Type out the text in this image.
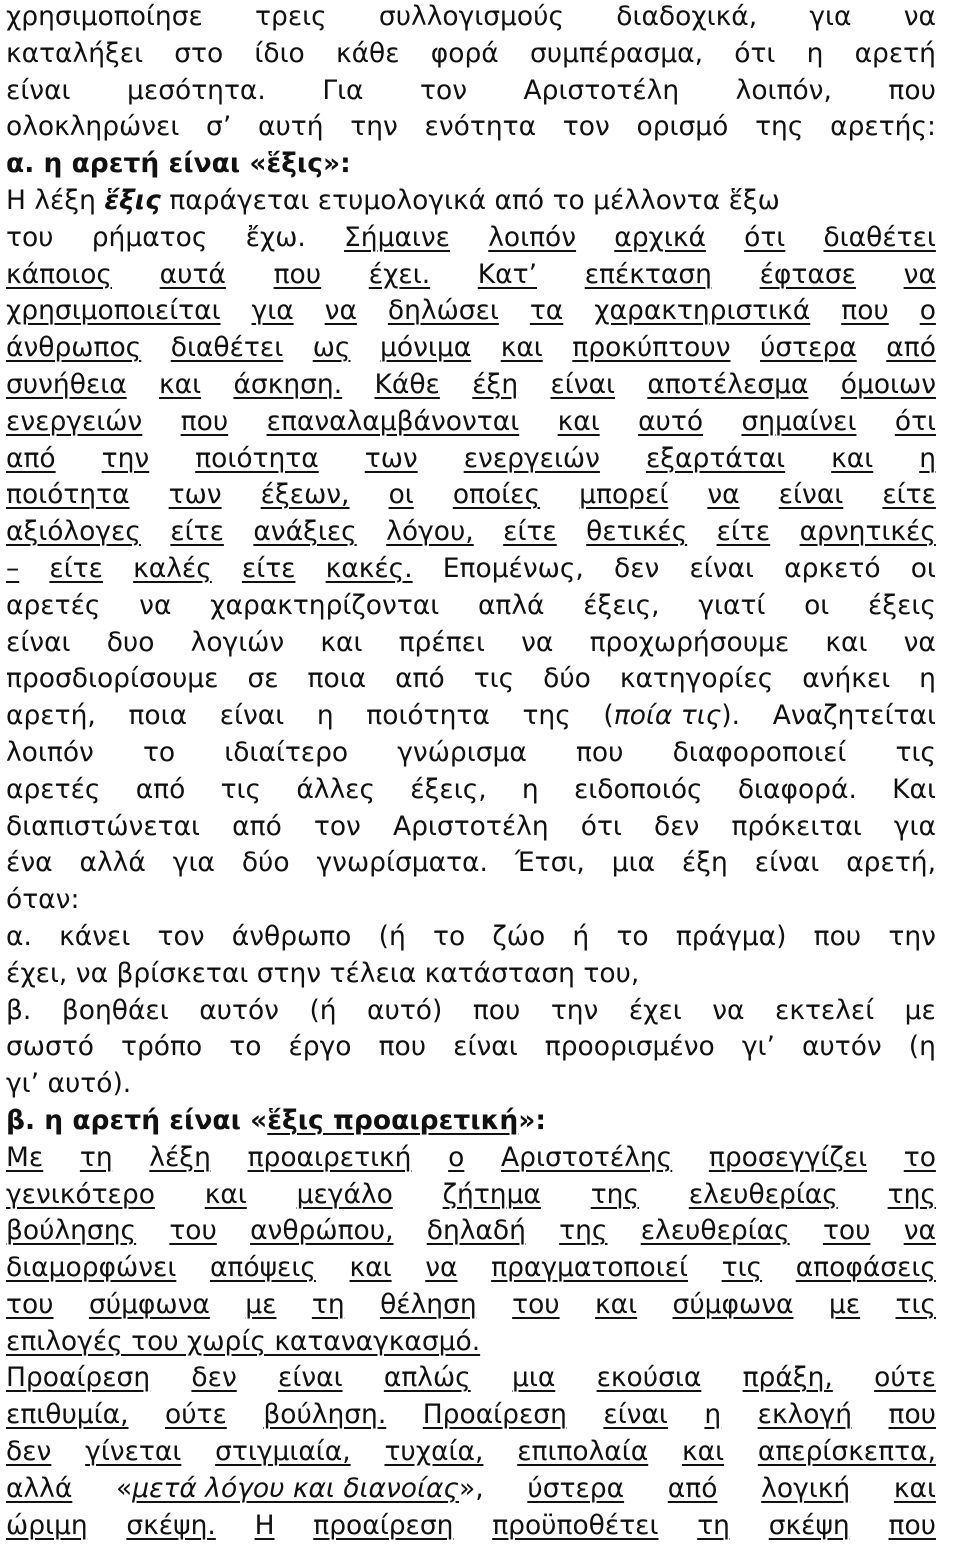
χρησιμοποίησε τρεις συλλογισμούς διαδοχικά, για να
καταλήξει στο ίδιο κάθε φορά συμπέρασμα, ότι η αρετή
είναι μεσότητα. Για τον Αριστοτέλη λοιπόν, που
ολοκληρώνει σ’ αυτή την ενότητα τον ορισμό της αρετής:
α. η αρετή είναι «ἕξις»:
Η λέξη ἕξις παράγεται ετυμολογικά από το μέλλοντα ἕξω
του ρήματος ἔχω. Σήμαινε λοιπόν αρχικά ότι διαθέτει
κάποιος αυτά που έχει. Κατ’ επέκταση έφτασε να
χρησιμοποιείται για να δηλώσει τα χαρακτηριστικά που ο
άνθρωπος διαθέτει ως μόνιμα και προκύπτουν ύστερα από
συνήθεια και άσκηση. Κάθε έξη είναι αποτέλεσμα όμοιων
ενεργειών που επαναλαμβάνονται και αυτό σημαίνει ότι
από την ποιότητα των ενεργειών εξαρτάται και η
ποιότητα των έξεων, οι οποίες μπορεί να είναι είτε
αξιόλογες είτε ανάξιες λόγου, είτε θετικές είτε αρνητικές
– είτε καλές είτε κακές. Επομένως, δεν είναι αρκετό οι
αρετές να χαρακτηρίζονται απλά έξεις, γιατί οι έξεις
είναι δυο λογιών και πρέπει να προχωρήσουμε και να
προσδιορίσουμε σε ποια από τις δύο κατηγορίες ανήκει η
αρετή, ποια είναι η ποιότητα της (ποία τις). Αναζητείται
λοιπόν το ιδιαίτερο γνώρισμα που διαφοροποιεί τις
αρετές από τις άλλες έξεις, η ειδοποιός διαφορά. Και
διαπιστώνεται από τον Αριστοτέλη ότι δεν πρόκειται για
ένα αλλά για δύο γνωρίσματα. Έτσι, μια έξη είναι αρετή,
όταν:
α. κάνει τον άνθρωπο (ή το ζώο ή το πράγμα) που την
έχει, να βρίσκεται στην τέλεια κατάσταση του,
β. βοηθάει αυτόν (ή αυτό) που την έχει να εκτελεί με
σωστό τρόπο το έργο που είναι προορισμένο γι’ αυτόν (η
γι’ αυτό).
β. η αρετή είναι «ἕξις προαιρετική»:
Με τη λέξη προαιρετική ο Αριστοτέλης προσεγγίζει το
γενικότερο και μεγάλο ζήτημα της ελευθερίας της
βούλησης του ανθρώπου, δηλαδή της ελευθερίας του να
διαμορφώνει απόψεις και να πραγματοποιεί τις αποφάσεις
του σύμφωνα με τη θέληση του και σύμφωνα με τις
επιλογές του χωρίς καταναγκασμό.
Προαίρεση δεν είναι απλώς μια εκούσια πράξη, ούτε
επιθυμία, ούτε βούληση. Προαίρεση είναι η εκλογή που
δεν γίνεται στιγμιαία, τυχαία, επιπολαία και απερίσκεπτα,
αλλά «μετά λόγου και διανοίας», ύστερα από λογική και
ώριμη σκέψη. Η προαίρεση προϋποθέτει τη σκέψη που
